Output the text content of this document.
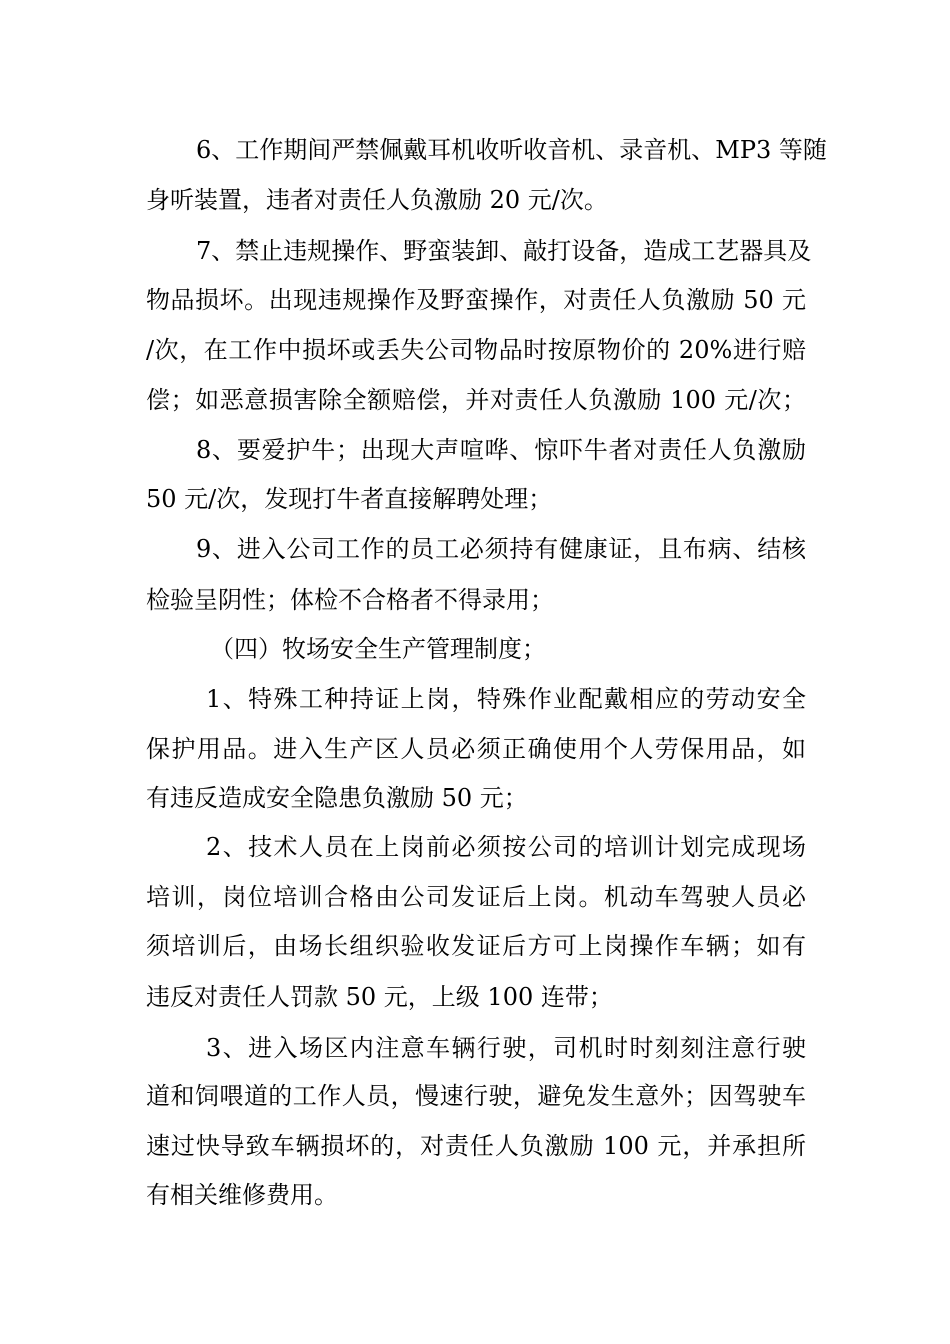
6、工作期间严禁佩戴耳机收听收音机、录音机、MP3 等随
身听装置，违者对责任人负激励 20 元/次。
7、禁止违规操作、野蛮装卸、敲打设备，造成工艺器具及
物品损坏。出现违规操作及野蛮操作，对责任人负激励 50 元
/次，在工作中损坏或丢失公司物品时按原物价的 20%进行赔
偿；如恶意损害除全额赔偿，并对责任人负激励 100 元/次；
8、要爱护牛；出现大声喧哗、惊吓牛者对责任人负激励
50 元/次，发现打牛者直接解聘处理；
9、进入公司工作的员工必须持有健康证，且布病、结核
检验呈阴性；体检不合格者不得录用；
（四）牧场安全生产管理制度；
1、特殊工种持证上岗，特殊作业配戴相应的劳动安全
保护用品。进入生产区人员必须正确使用个人劳保用品，如
有违反造成安全隐患负激励 50 元；
2、技术人员在上岗前必须按公司的培训计划完成现场
培训，岗位培训合格由公司发证后上岗。机动车驾驶人员必
须培训后，由场长组织验收发证后方可上岗操作车辆；如有
违反对责任人罚款 50 元，上级 100 连带；
3、进入场区内注意车辆行驶，司机时时刻刻注意行驶
道和饲喂道的工作人员，慢速行驶，避免发生意外；因驾驶车
速过快导致车辆损坏的，对责任人负激励 100 元，并承担所
有相关维修费用。
